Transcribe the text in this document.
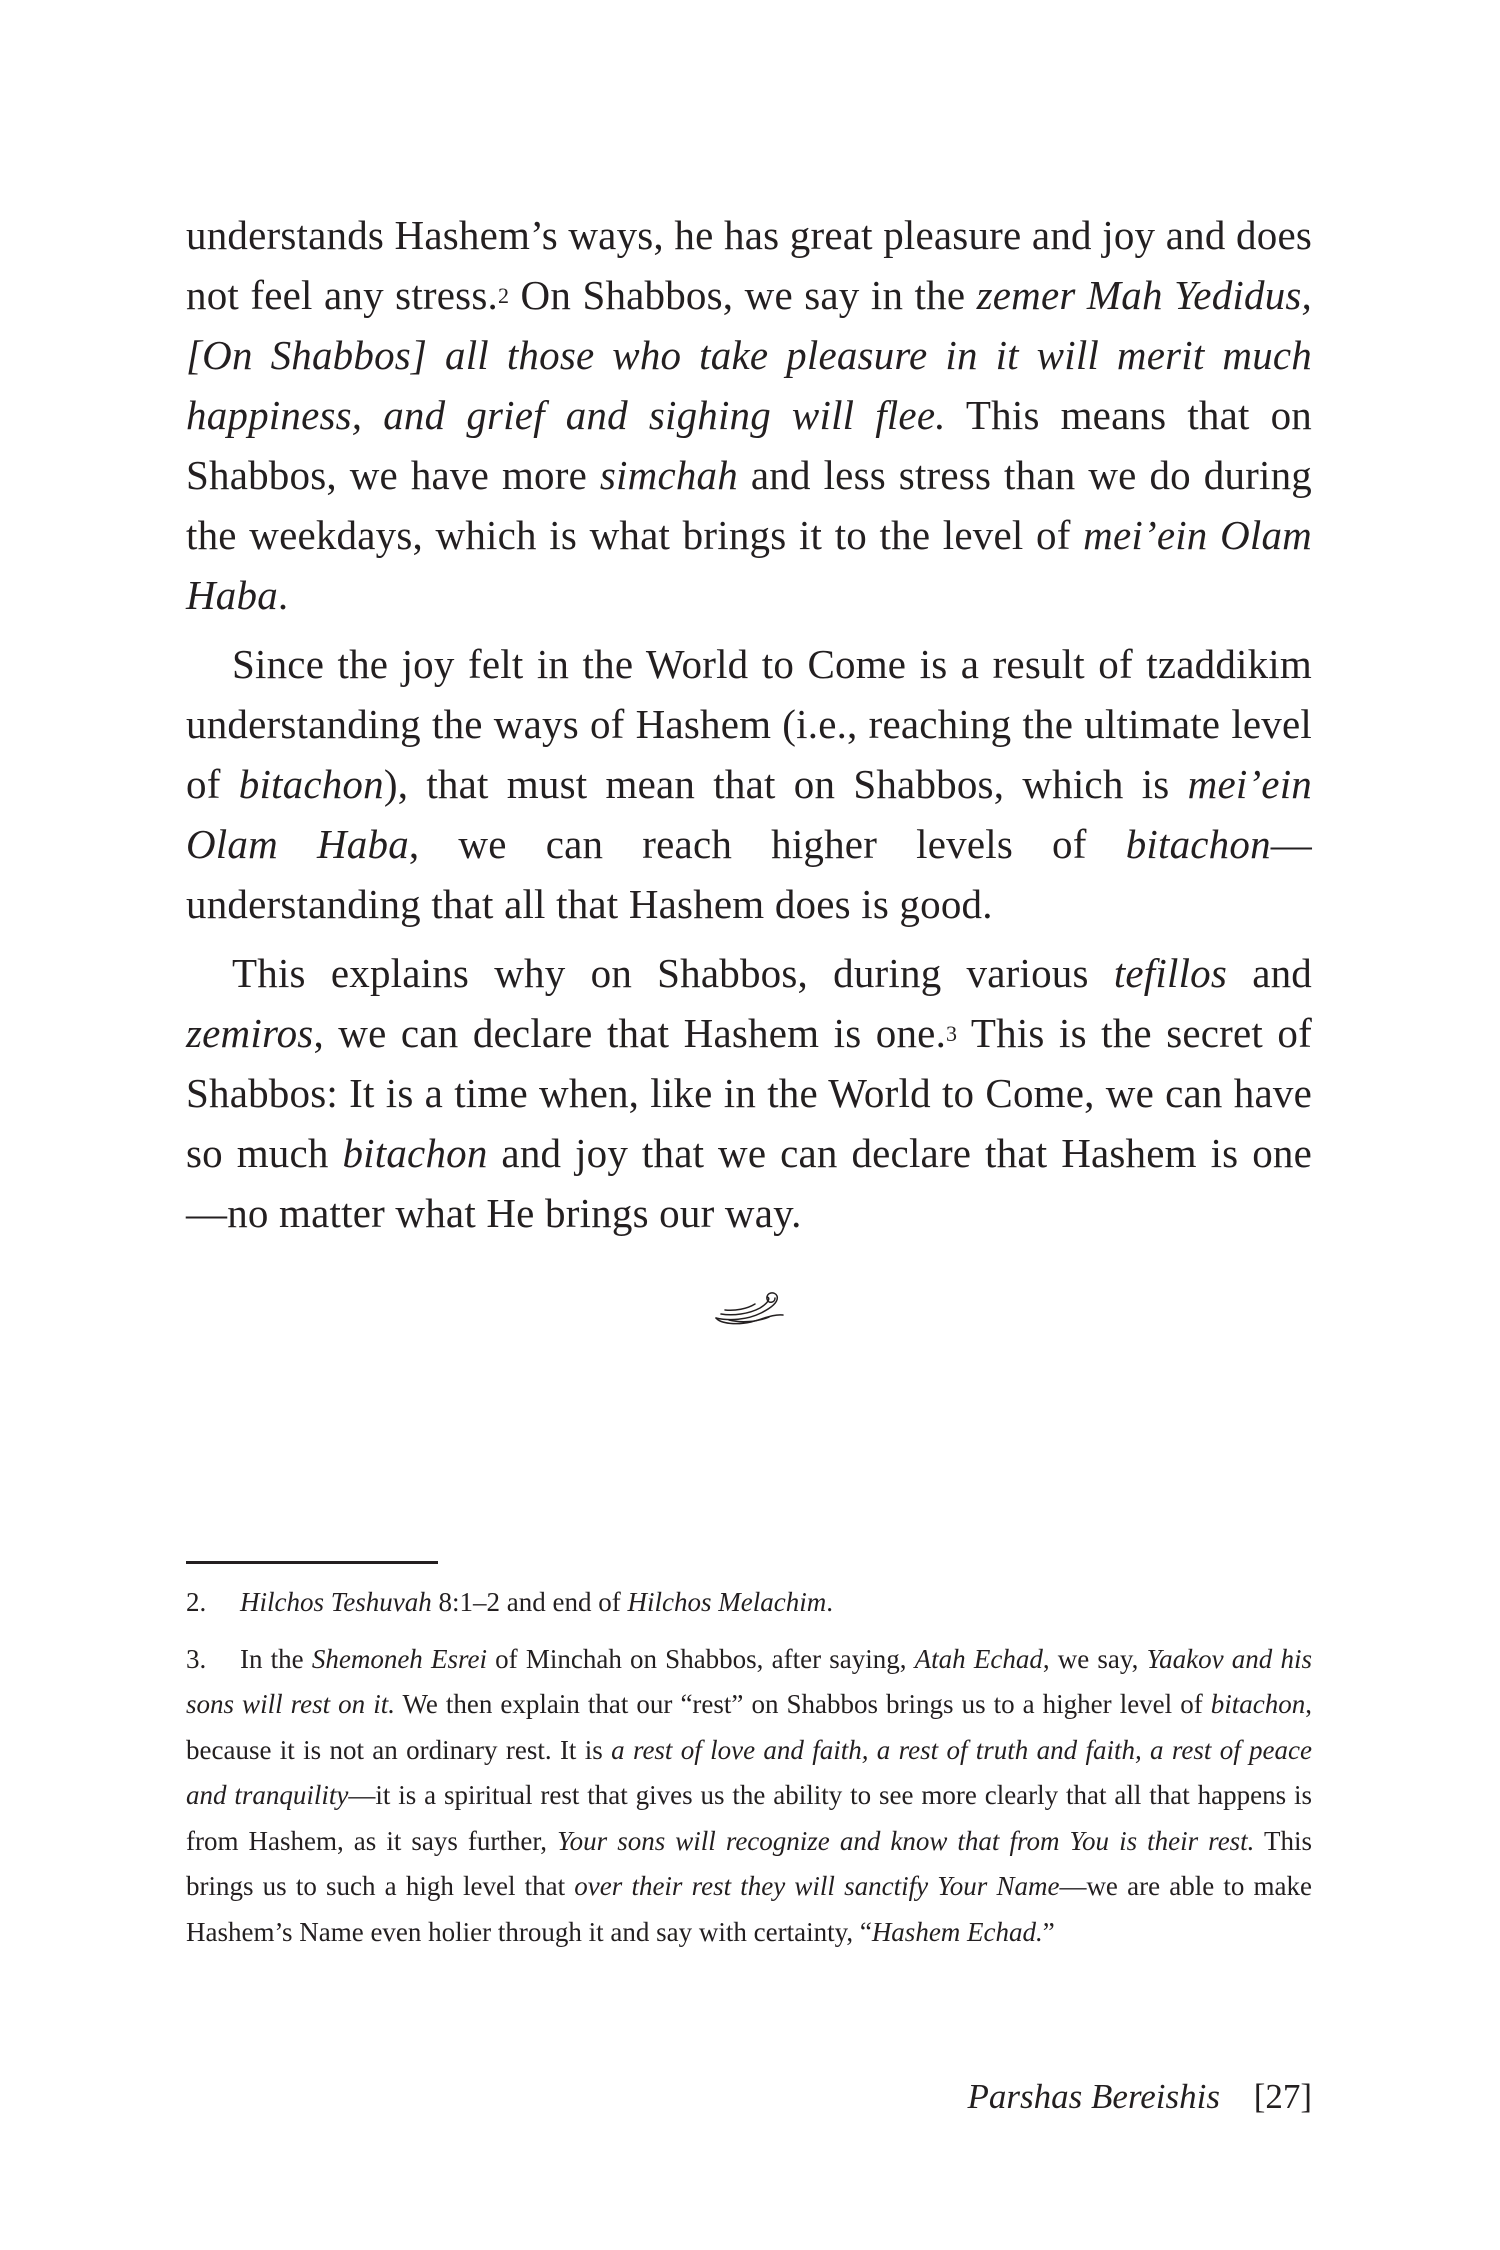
understands Hashem’s ways, he has great pleasure and joy and does not feel any stress.$^2$ On Shabbos, we say in the zemer Mah Yedidus, [On Shabbos] all those who take pleasure in it will merit much happiness, and grief and sighing will flee. This means that on Shabbos, we have more simchah and less stress than we do during the weekdays, which is what brings it to the level of mei’ein Olam Haba.

Since the joy felt in the World to Come is a result of tzaddikim understanding the ways of Hashem (i.e., reaching the ultimate level of bitachon), that must mean that on Shabbos, which is mei’ein Olam Haba, we can reach higher levels of bitachon—understanding that all that Hashem does is good.

This explains why on Shabbos, during various tefillos and zemiros, we can declare that Hashem is one.$^3$ This is the secret of Shabbos: It is a time when, like in the World to Come, we can have so much bitachon and joy that we can declare that Hashem is one—no matter what He brings our way.

2. Hilchos Teshuvah 8:1–2 and end of Hilchos Melachim.

3. In the Shemoneh Esrei of Minchah on Shabbos, after saying, Atah Echad, we say, Yaakov and his sons will rest on it. We then explain that our “rest” on Shabbos brings us to a higher level of bitachon, because it is not an ordinary rest. It is a rest of love and faith, a rest of truth and faith, a rest of peace and tranquility—it is a spiritual rest that gives us the ability to see more clearly that all that happens is from Hashem, as it says further, Your sons will recognize and know that from You is their rest. This brings us to such a high level that over their rest they will sanctify Your Name—we are able to make Hashem’s Name even holier through it and say with certainty, “Hashem Echad.”

Parshas Bereishis [27]
